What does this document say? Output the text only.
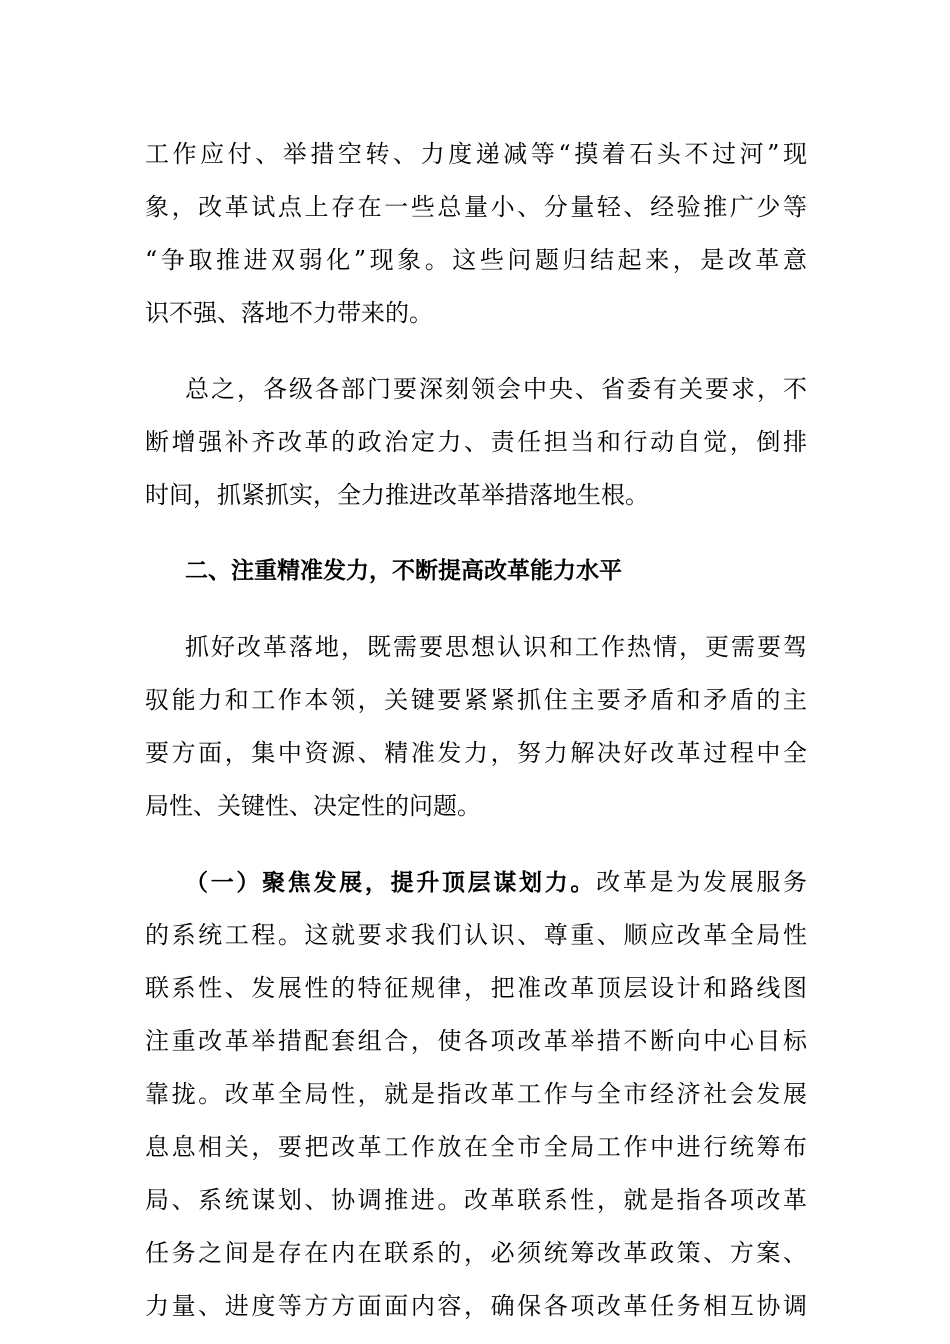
工作应付、举措空转、力度递减等“摸着石头不过河”现
象，改革试点上存在一些总量小、分量轻、经验推广少等
“争取推进双弱化”现象。这些问题归结起来，是改革意
识不强、落地不力带来的。
总之，各级各部门要深刻领会中央、省委有关要求，不
断增强补齐改革的政治定力、责任担当和行动自觉，倒排
时间，抓紧抓实，全力推进改革举措落地生根。
二、注重精准发力，不断提高改革能力水平
抓好改革落地，既需要思想认识和工作热情，更需要驾
驭能力和工作本领，关键要紧紧抓住主要矛盾和矛盾的主
要方面，集中资源、精准发力，努力解决好改革过程中全
局性、关键性、决定性的问题。
（一）聚焦发展，提升顶层谋划力。改革是为发展服务
的系统工程。这就要求我们认识、尊重、顺应改革全局性
联系性、发展性的特征规律，把准改革顶层设计和路线图
注重改革举措配套组合，使各项改革举措不断向中心目标
靠拢。改革全局性，就是指改革工作与全市经济社会发展
息息相关，要把改革工作放在全市全局工作中进行统筹布
局、系统谋划、协调推进。改革联系性，就是指各项改革
任务之间是存在内在联系的，必须统筹改革政策、方案、
力量、进度等方方面面内容，确保各项改革任务相互协调
